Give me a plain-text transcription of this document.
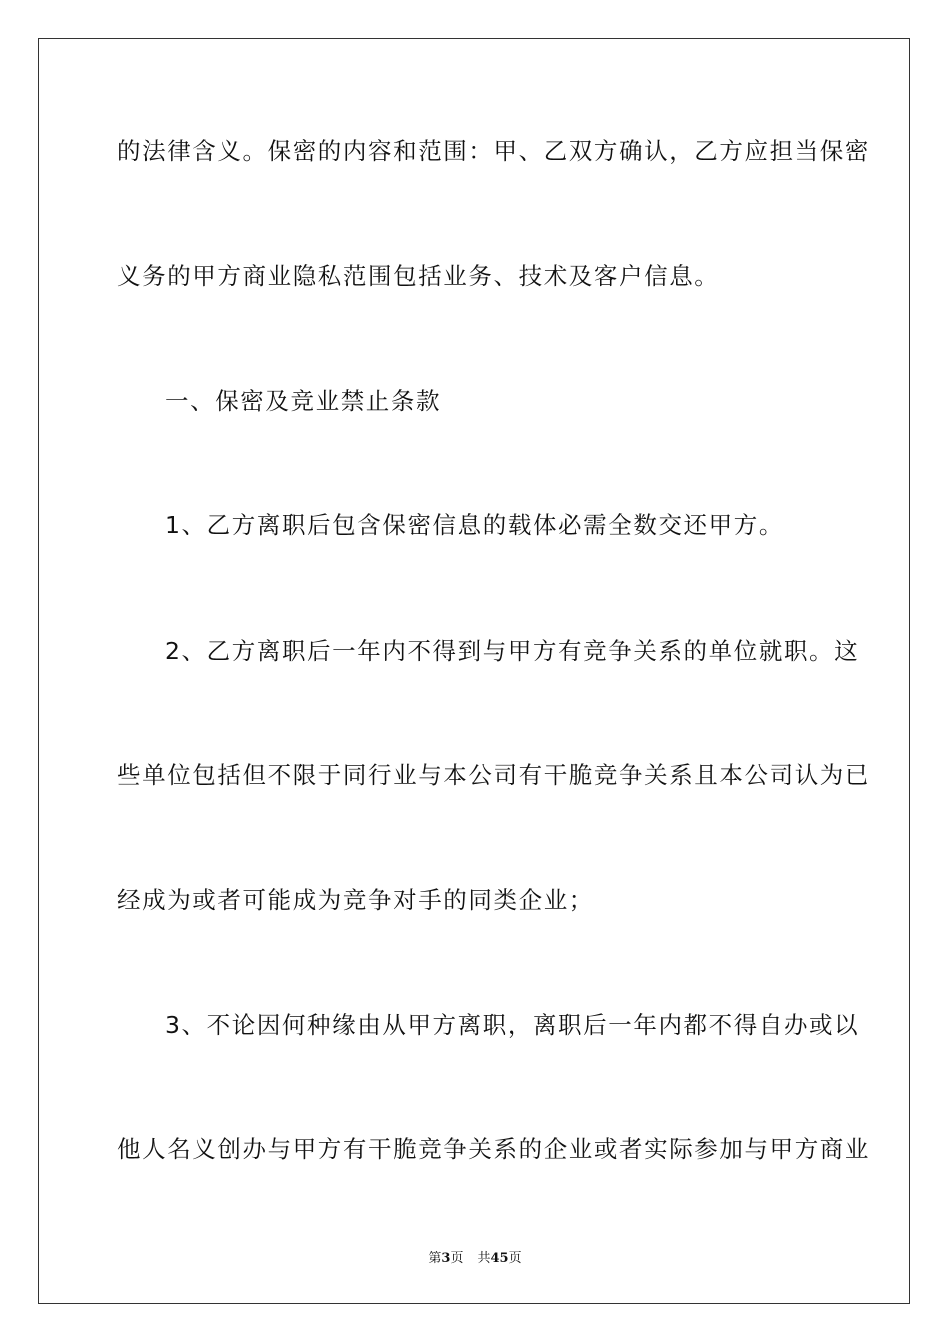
的法律含义。保密的内容和范围：甲、乙双方确认，乙方应担当保密
义务的甲方商业隐私范围包括业务、技术及客户信息。
一、保密及竞业禁止条款
1、乙方离职后包含保密信息的载体必需全数交还甲方。
2、乙方离职后一年内不得到与甲方有竞争关系的单位就职。这
些单位包括但不限于同行业与本公司有干脆竞争关系且本公司认为已
经成为或者可能成为竞争对手的同类企业；
3、不论因何种缘由从甲方离职，离职后一年内都不得自办或以
他人名义创办与甲方有干脆竞争关系的企业或者实际参加与甲方商业
第3页 共45页
